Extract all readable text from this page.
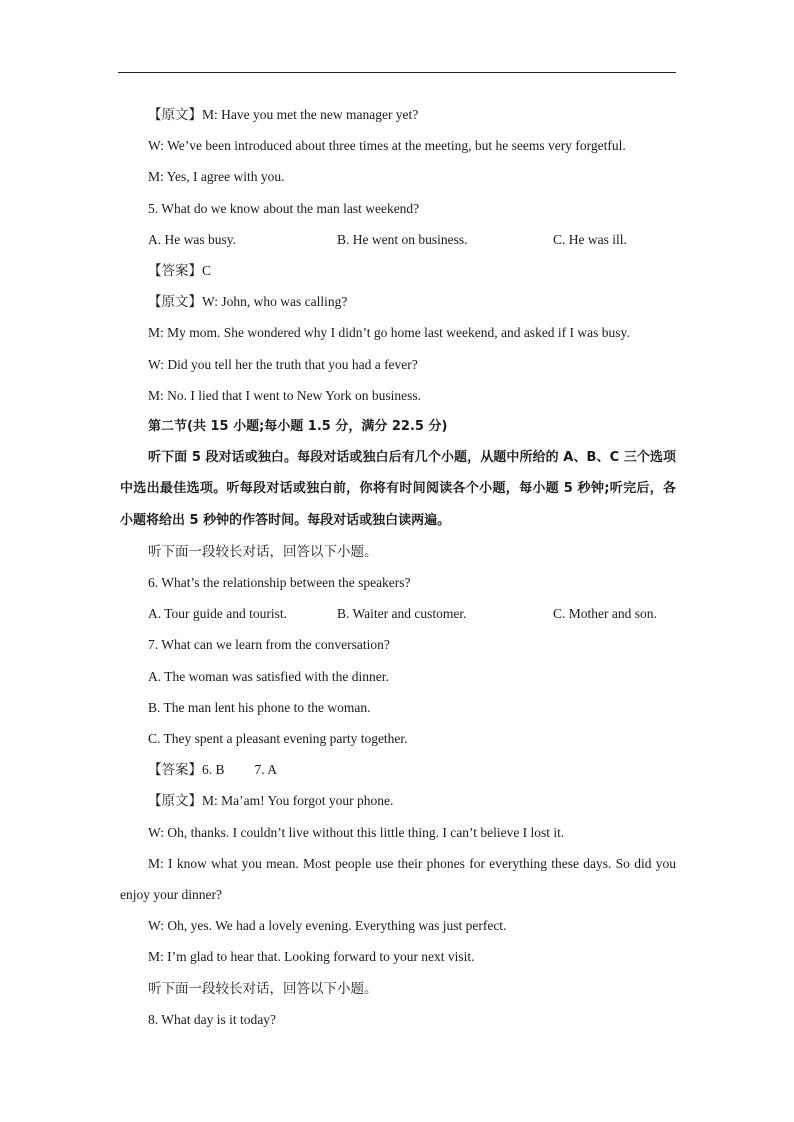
【原文】M: Have you met the new manager yet?

W: We’ve been introduced about three times at the meeting, but he seems very forgetful.

M: Yes, I agree with you.

5. What do we know about the man last weekend?

A. He was busy.	B. He went on business.	C. He was ill.

【答案】C

【原文】W: John, who was calling?

M: My mom. She wondered why I didn’t go home last weekend, and asked if I was busy.

W: Did you tell her the truth that you had a fever?

M: No. I lied that I went to New York on business.

第二节(共 15 小题;每小题 1.5 分，满分 22.5 分)

听下面 5 段对话或独白。每段对话或独白后有几个小题，从题中所给的 A、B、C 三个选项中选出最佳选项。听每段对话或独白前，你将有时间阅读各个小题，每小题 5 秒钟;听完后，各小题将给出 5 秒钟的作答时间。每段对话或独白读两遍。

听下面一段较长对话，回答以下小题。

6. What’s the relationship between the speakers?

A. Tour guide and tourist.	B. Waiter and customer.	C. Mother and son.

7. What can we learn from the conversation?

A. The woman was satisfied with the dinner.

B. The man lent his phone to the woman.

C. They spent a pleasant evening party together.

【答案】6. B 7. A

【原文】M: Ma’am! You forgot your phone.

W: Oh, thanks. I couldn’t live without this little thing. I can’t believe I lost it.

M: I know what you mean. Most people use their phones for everything these days. So did you enjoy your dinner?

W: Oh, yes. We had a lovely evening. Everything was just perfect.

M: I’m glad to hear that. Looking forward to your next visit.

听下面一段较长对话，回答以下小题。

8. What day is it today?
